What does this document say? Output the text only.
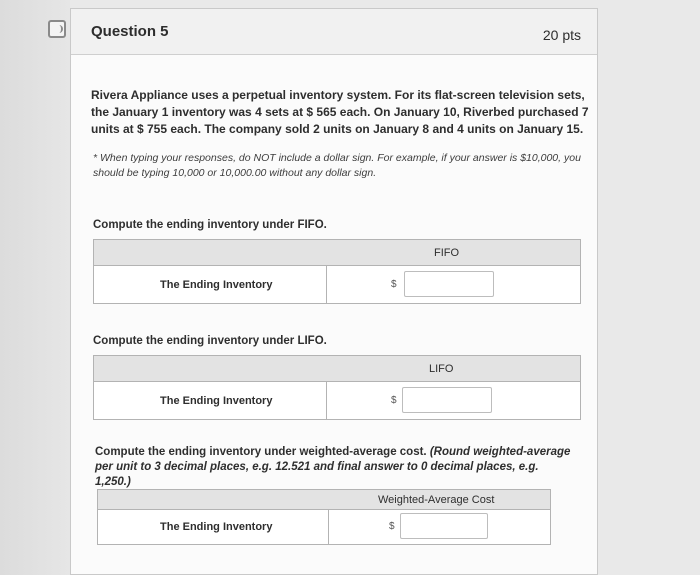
Question 5	20 pts

Rivera Appliance uses a perpetual inventory system. For its flat-screen television sets, the January 1 inventory was 4 sets at $ 565 each. On January 10, Riverbed purchased 7 units at $ 755 each. The company sold 2 units on January 8 and 4 units on January 15.

* When typing your responses, do NOT include a dollar sign. For example, if your answer is $10,000, you should be typing 10,000 or 10,000.00 without any dollar sign.

Compute the ending inventory under FIFO.

FIFO
The Ending Inventory	$

Compute the ending inventory under LIFO.

LIFO
The Ending Inventory	$

Compute the ending inventory under weighted-average cost. (Round weighted-average per unit to 3 decimal places, e.g. 12.521 and final answer to 0 decimal places, e.g. 1,250.)

Weighted-Average Cost
The Ending Inventory	$
